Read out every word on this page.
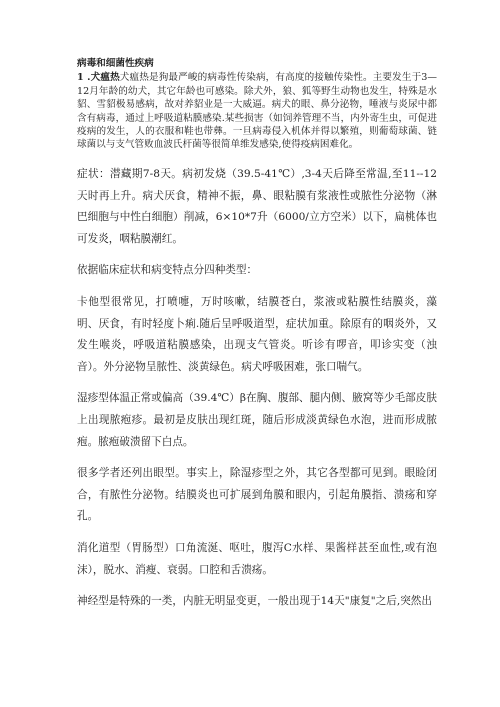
病毒和细菌性疾病

1 .犬瘟热犬瘟热是狗最严峻的病毒性传染病，有高度的接触传染性。主要发生于3—12月年龄的幼犬，其它年龄也可感染。除犬外，狼、狐等野生动物也发生，特殊是水貂、雪貂极易感病，故对养貂业是一大威逼。病犬的眼、鼻分泌物，唾液与炎尿中都含有病毒，通过上呼吸道粘膜感染.某些损害（如饲养管理不当，内外寄生虫，可促进疫病的发生，人的衣服和鞋也带彝。一旦病毒侵入机体并得以繁殖，则葡萄球菌、链球菌以与支气管败血波氏杆菌等很简单维发感染,使得疫病困难化。

症状：潜藏期7-8天。病初发烧（39.5-41℃）,3-4天后降至常温,至11--12天时再上升。病犬厌食，精神不振，鼻、眼粘膜有浆液性或脓性分泌物（淋巴细胞与中性白细胞）削减，6×10*7升（6000/立方空米）以下，扁桃体也可发炎，咽粘膜潮红。

依据临床症状和病变特点分四种类型：

卡他型很常见，打喷嚏，万时咳嗽，结膜苍白，浆液或粘膜性结膜炎，藻明、厌食，有时轻度卜痢.随后呈呼吸道型，症状加重。除原有的咽炎外，又发生喉炎，呼吸道粘膜感染，出现支气管炎。听诊有啰音，叩诊实变（浊音）。外分泌物呈脓性、淡黄绿色。病犬呼吸困难，张口喘气。

湿疹型体温正常或偏高（39.4℃）β在胸、腹部、腿内侧、腋窝等少毛部皮肤上出现脓疱疹。最初是皮肤出现红斑，随后形成淡黄绿色水泡，进而形成脓疱。脓疱破溃留下白点。

很多学者还列出眼型。事实上，除湿疹型之外，其它各型都可见到。眼睑闭合，有脓性分泌物。结膜炎也可扩展到角膜和眼内，引起角膜指、溃疡和穿孔。

消化道型（胃肠型）口角流涎、呕吐，腹泻C水样、果酱样甚至血性,或有泡沫），脱水、消瘦、衰弱。口腔和舌溃疡。

神经型是特殊的一类，内脏无明显变更，一般出现于14天"康复"之后,突然出
